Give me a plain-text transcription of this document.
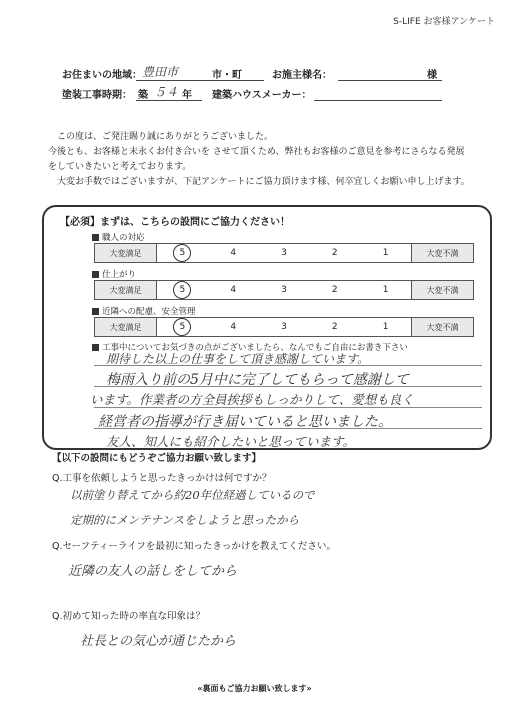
S-LIFE お客様アンケート
お住まいの地域： 豊田市	市・町	お施主様名：	様
塗装工事時期： 築 ５４ 年 建築ハウスメーカー：

この度は、ご発注賜り誠にありがとうございました。

今後とも、お客様と末永くお付き合いを させて頂くため、弊社もお客様のご意見を参考にさらなる発展

をしていきたいと考えております。

大変お手数ではございますが、下記アンケートにご協力頂けます様、何卒宜しくお願い申し上げます。

【必須】まずは、こちらの設問にご協力ください！
職人の対応
大変満足	5	4	3	2	1	大変不満
仕上がり
大変満足	5	4	3	2	1	大変不満
近隣への配慮、安全管理
大変満足	5	4	3	2	1	大変不満
工事中についてお気づきの点がございましたら、なんでもご自由にお書き下さい
期待した以上の仕事をして頂き感謝しています。
梅雨入り前の5月中に完了してもらって感謝して
います。作業者の方全員挨拶もしっかりして、愛想も良く
経営者の指導が行き届いていると思いました。
友人、知人にも紹介したいと思っています。
【以下の設問にもどうぞご協力お願い致します】
Q.工事を依頼しようと思ったきっかけは何ですか？
以前塗り替えてから約20年位経過しているので
定期的にメンテナンスをしようと思ったから
Q.セーフティーライフを最初に知ったきっかけを教えてください。
近隣の友人の話しをしてから
Q.初めて知った時の率直な印象は？
社長との気心が通じたから
«裏面もご協力お願い致します»
